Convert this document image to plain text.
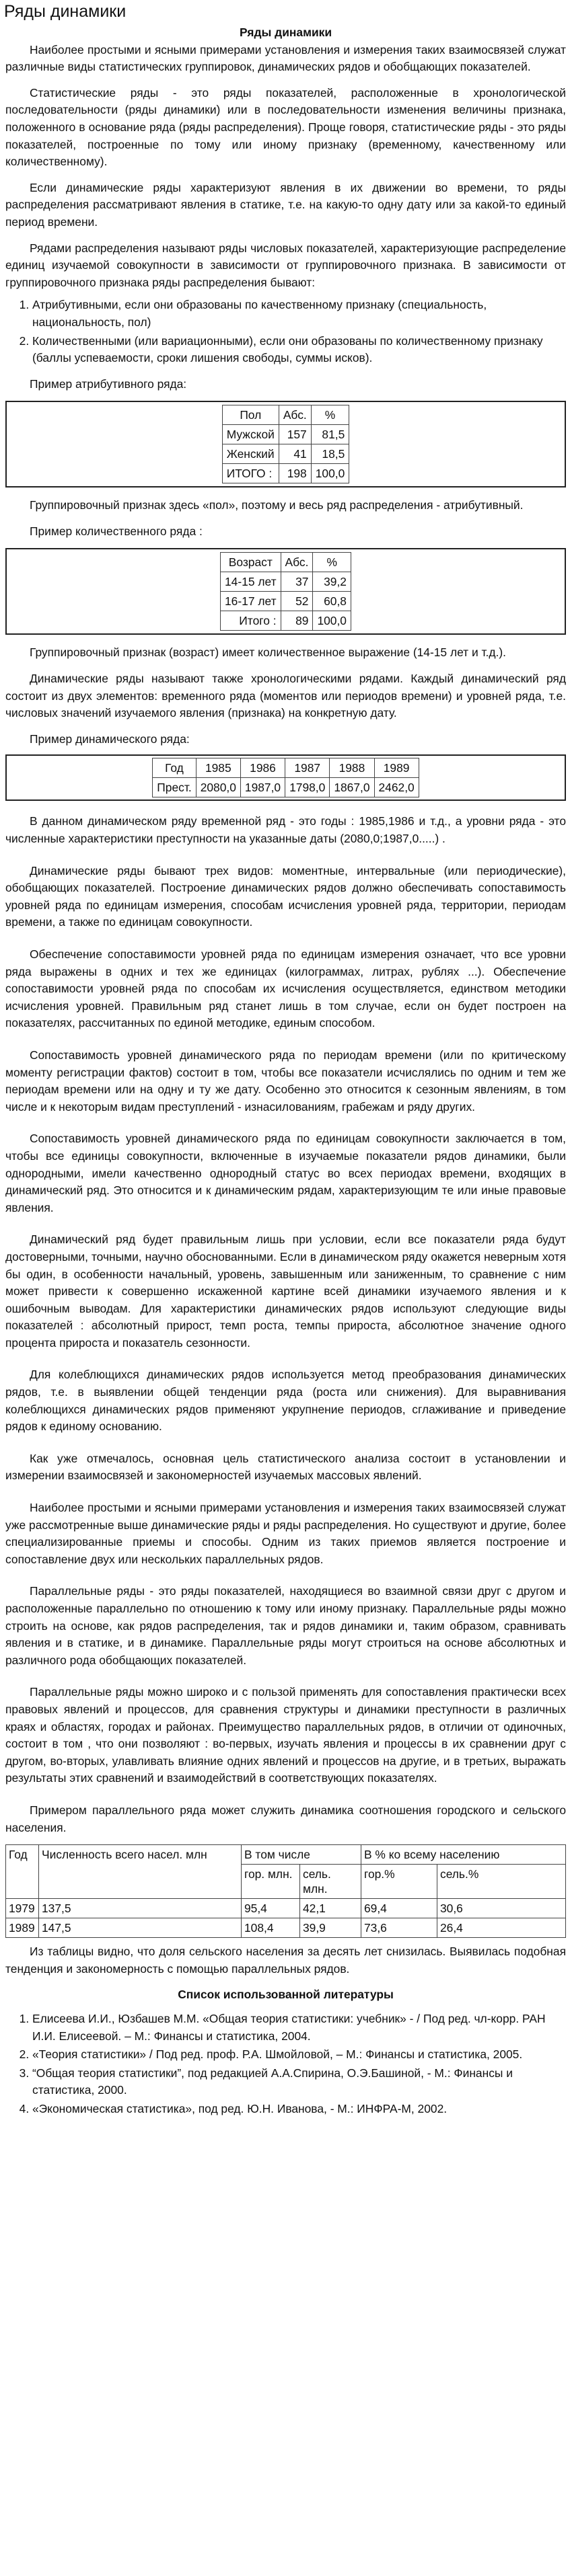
Ряды динамики

Ряды динамики

Наиболее простыми и ясными примерами установления и измерения таких взаимосвязей служат различные виды статистических группировок, динамических рядов и обобщающих показателей.

Статистические ряды - это ряды показателей, расположенные в хронологической последовательности (ряды динамики) или в последовательности изменения величины признака, положенного в основание ряда (ряды распределения). Проще говоря, статистические ряды - это ряды показателей, построенные по тому или иному признаку (временному, качественному или количественному).

Если динамические ряды характеризуют явления в их движении во времени, то ряды распределения рассматривают явления в статике, т.е. на какую-то одну дату или за какой-то единый период времени.

Рядами распределения называют ряды числовых показателей, характеризующие распределение единиц изучаемой совокупности в зависимости от группировочного признака. В зависимости от группировочного признака ряды распределения бывают:

1. Атрибутивными, если они образованы по качественному признаку (специальность, национальность, пол)
2. Количественными (или вариационными), если они образованы по количественному признаку (баллы успеваемости, сроки лишения свободы, суммы исков).

Пример атрибутивного ряда:

Пол	Абс.	%
Мужской	157	81,5
Женский	41	18,5
ИТОГО :	198	100,0

Группировочный признак здесь «пол», поэтому и весь ряд распределения - атрибутивный.

Пример количественного ряда :

Возраст	Абс.	%
14-15 лет	37	39,2
16-17 лет	52	60,8
Итого :	89	100,0

Группировочный признак (возраст) имеет количественное выражение (14-15 лет и т.д.).

Динамические ряды называют также хронологическими рядами. Каждый динамический ряд состоит из двух элементов: временного ряда (моментов или периодов времени) и уровней ряда, т.е. числовых значений изучаемого явления (признака) на конкретную дату.

Пример динамического ряда:

Год	1985	1986	1987	1988	1989
Прест.	2080,0	1987,0	1798,0	1867,0	2462,0

В данном динамическом ряду временной ряд - это годы : 1985,1986 и т.д., а уровни ряда - это численные характеристики преступности на указанные даты (2080,0;1987,0.....) .

Динамические ряды бывают трех видов: моментные, интервальные (или периодические), обобщающих показателей. Построение динамических рядов должно обеспечивать сопоставимость уровней ряда по единицам измерения, способам исчисления уровней ряда, территории, периодам времени, а также по единицам совокупности.

Обеспечение сопоставимости уровней ряда по единицам измерения означает, что все уровни ряда выражены в одних и тех же единицах (килограммах, литрах, рублях ...). Обеспечение сопоставимости уровней ряда по способам их исчисления осуществляется, единством методики исчисления уровней. Правильным ряд станет лишь в том случае, если он будет построен на показателях, рассчитанных по единой методике, единым способом.

Сопоставимость уровней динамического ряда по периодам времени (или по критическому моменту регистрации фактов) состоит в том, чтобы все показатели исчислялись по одним и тем же периодам времени или на одну и ту же дату. Особенно это относится к сезонным явлениям, в том числе и к некоторым видам преступлений - изнасилованиям, грабежам и ряду других.

Сопоставимость уровней динамического ряда по единицам совокупности заключается в том, чтобы все единицы совокупности, включенные в изучаемые показатели рядов динамики, были однородными, имели качественно однородный статус во всех периодах времени, входящих в динамический ряд. Это относится и к динамическим рядам, характеризующим те или иные правовые явления.

Динамический ряд будет правильным лишь при условии, если все показатели ряда будут достоверными, точными, научно обоснованными. Если в динамическом ряду окажется неверным хотя бы один, в особенности начальный, уровень, завышенным или заниженным, то сравнение с ним может привести к совершенно искаженной картине всей динамики изучаемого явления и к ошибочным выводам. Для характеристики динамических рядов используют следующие виды показателей : абсолютный прирост, темп роста, темпы прироста, абсолютное значение одного процента прироста и показатель сезонности.

Для колеблющихся динамических рядов используется метод преобразования динамических рядов, т.е. в выявлении общей тенденции ряда (роста или снижения). Для выравнивания колеблющихся динамических рядов применяют укрупнение периодов, сглаживание и приведение рядов к единому основанию.

Как уже отмечалось, основная цель статистического анализа состоит в установлении и измерении взаимосвязей и закономерностей изучаемых массовых явлений.

Наиболее простыми и ясными примерами установления и измерения таких взаимосвязей служат уже рассмотренные выше динамические ряды и ряды распределения. Но существуют и другие, более специализированные приемы и способы. Одним из таких приемов является построение и сопоставление двух или нескольких параллельных рядов.

Параллельные ряды - это ряды показателей, находящиеся во взаимной связи друг с другом и расположенные параллельно по отношению к тому или иному признаку. Параллельные ряды можно строить на основе, как рядов распределения, так и рядов динамики и, таким образом, сравнивать явления и в статике, и в динамике. Параллельные ряды могут строиться на основе абсолютных и различного рода обобщающих показателей.

Параллельные ряды можно широко и с пользой применять для сопоставления практически всех правовых явлений и процессов, для сравнения структуры и динамики преступности в различных краях и областях, городах и районах. Преимущество параллельных рядов, в отличии от одиночных, состоит в том , что они позволяют : во-первых, изучать явления и процессы в их сравнении друг с другом, во-вторых, улавливать влияние одних явлений и процессов на другие, и в третьих, выражать результаты этих сравнений и взаимодействий в соответствующих показателях.

Примером параллельного ряда может служить динамика соотношения городского и сельского населения.

Год	Численность всего насел. млн	В том числе		В % ко всему населению	
		гор. млн.	сель. млн.	гор.%	сель.%
1979	137,5	95,4	42,1	69,4	30,6
1989	147,5	108,4	39,9	73,6	26,4

Из таблицы видно, что доля сельского населения за десять лет снизилась. Выявилась подобная тенденция и закономерность с помощью параллельных рядов.

Список использованной литературы

1. Елисеева И.И., Юзбашев М.М. «Общая теория статистики: учебник» - / Под ред. чл-корр. РАН И.И. Елисеевой. – М.: Финансы и статистика, 2004.
2. «Теория статистики» / Под ред. проф. Р.А. Шмойловой, – М.: Финансы и статистика, 2005.
3. “Общая теория статистики”, под редакцией А.А.Спирина, О.Э.Башиной, - М.: Финансы и статистика, 2000.
4. «Экономическая статистика», под ред. Ю.Н. Иванова, - М.: ИНФРА-М, 2002.
